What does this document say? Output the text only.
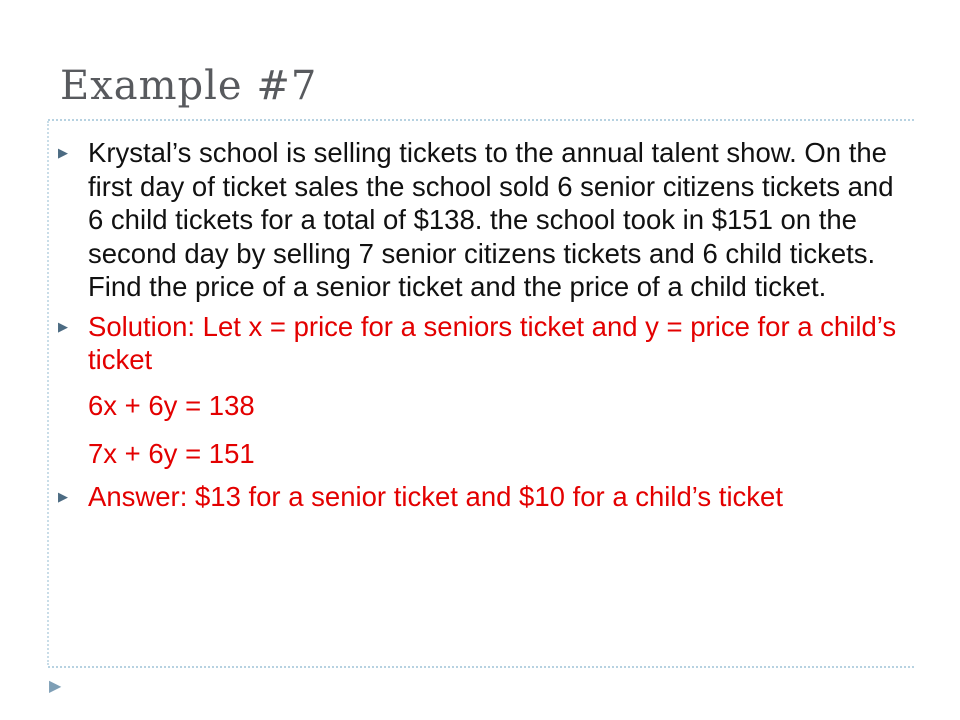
Example #7
▶ Krystal’s school is selling tickets to the annual talent show. On the first day of ticket sales the school sold 6 senior citizens tickets and 6 child tickets for a total of $138. the school took in $151 on the second day by selling 7 senior citizens tickets and 6 child tickets. Find the price of a senior ticket and the price of a child ticket.
▶ Solution: Let x = price for a seniors ticket and y = price for a child’s ticket
6x + 6y = 138
7x + 6y = 151
▶ Answer: $13 for a senior ticket and $10 for a child’s ticket
▶
